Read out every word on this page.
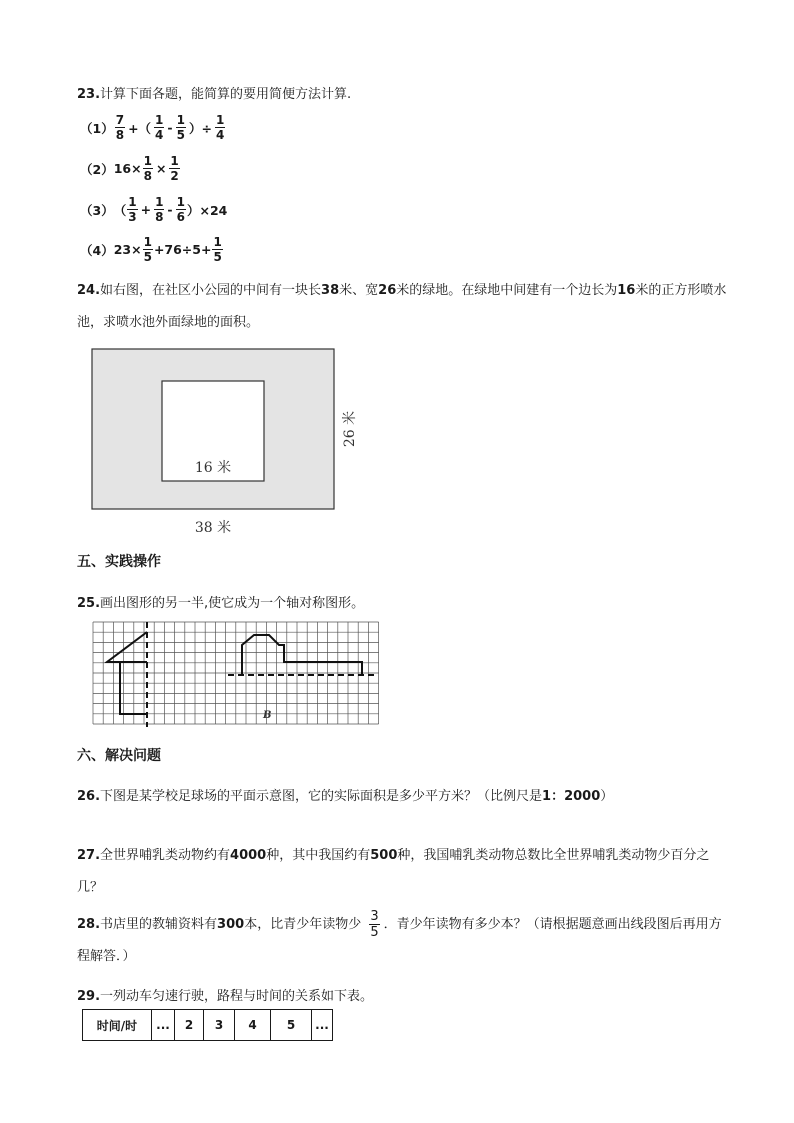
23.计算下面各题，能简算的要用简便方法计算.
$(1) \frac{7}{8}$ +（ $\frac{1}{4} - \frac{1}{5}$ ）÷ $\frac{1}{4}$
（2） $16\times \frac{1}{8} \times \frac{1}{2}$
（3） （ $\frac{1}{3} + \frac{1}{8} - \frac{1}{6} )\times 24$
（4） $23\times \frac{1}{5} +76\div 5+ \frac{1}{5}$
24.如右图，在社区小公园的中间有一块长38米、宽26米的绿地。在绿地中间建有一个边长为16米的正方形喷水池，求喷水池外面绿地的面积。
16 米
38 米
26 米
五、实践操作
25.画出图形的另一半,使它成为一个轴对称图形。
B
六、解决问题
26.下图是某学校足球场的平面示意图，它的实际面积是多少平方米？（比例尺是1：2000）
27.全世界哺乳类动物约有4000种，其中我国约有500种，我国哺乳类动物总数比全世界哺乳类动物少百分之几？
28.书店里的教辅资料有300本，比青少年读物少 $\frac{3}{5}$ ．青少年读物有多少本？（请根据题意画出线段图后再用方程解答．）
29.一列动车匀速行驶，路程与时间的关系如下表。
时间/时	...	2	3	4	5	...
